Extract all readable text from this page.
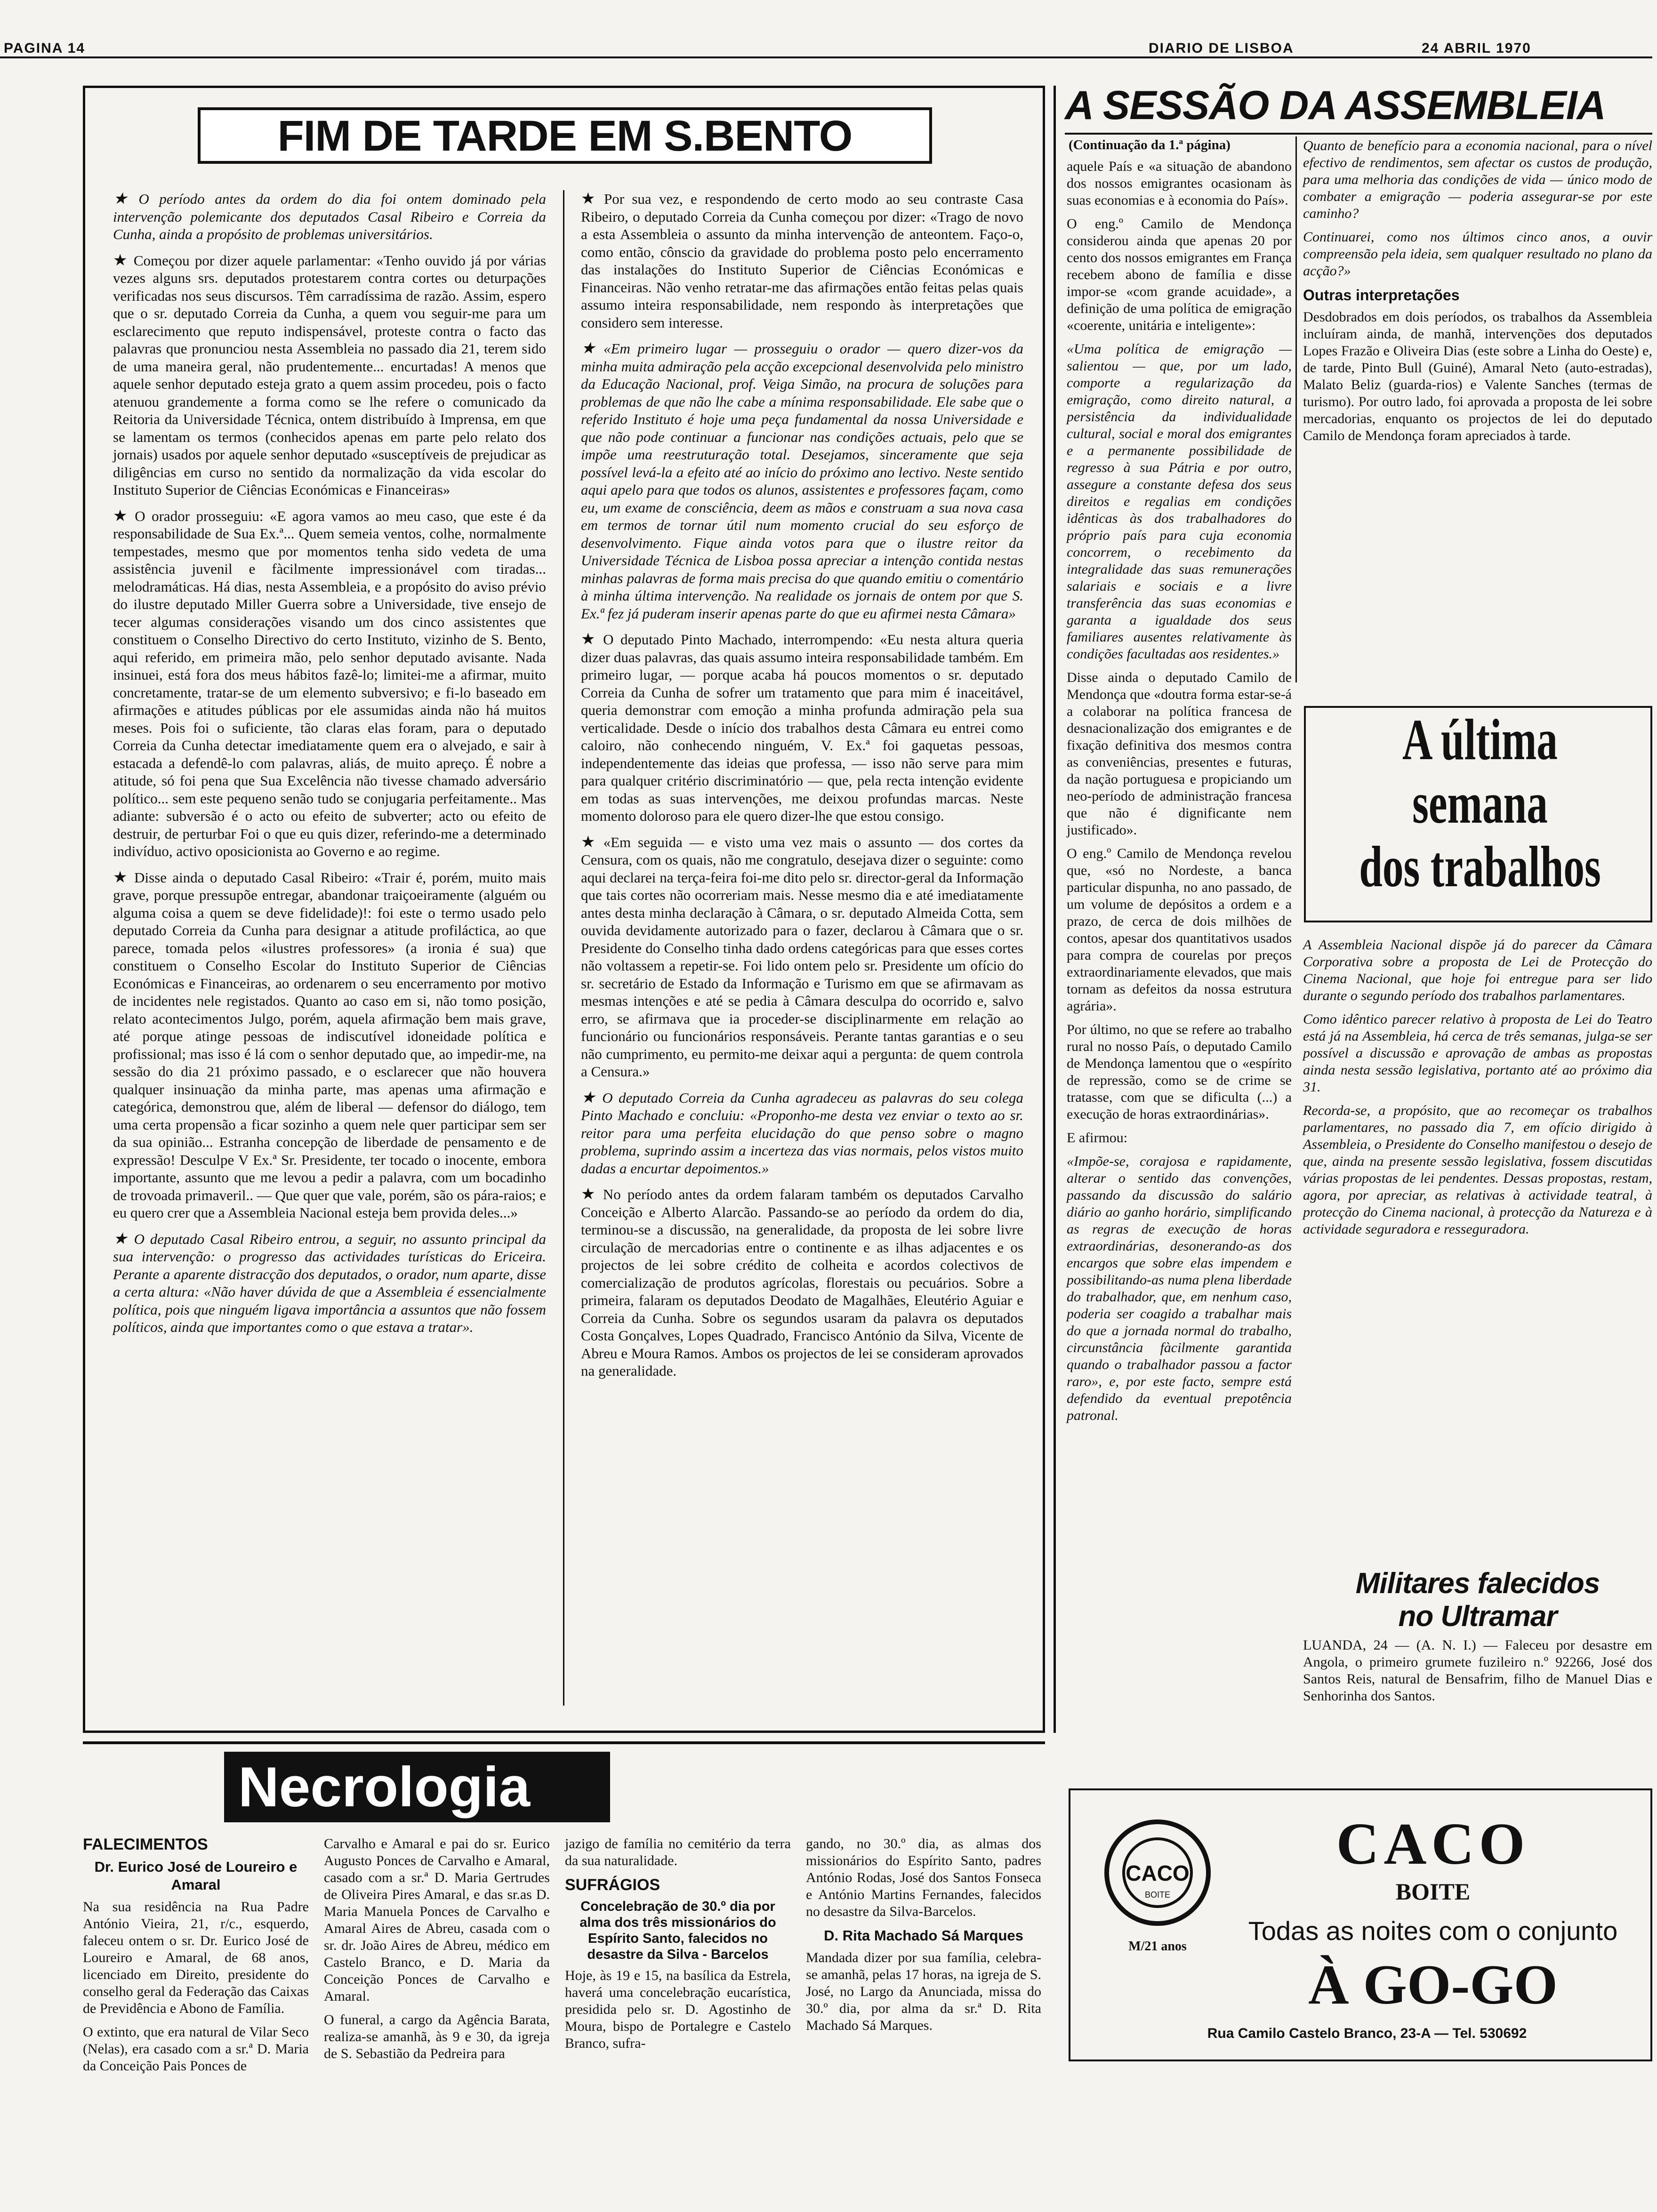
PAGINA 14	DIARIO DE LISBOA	24 ABRIL 1970
FIM DE TARDE EM S.BENTO

★ O período antes da ordem do dia foi ontem dominado pela intervenção polemicante dos deputados Casal Ribeiro e Correia da Cunha, ainda a propósito de problemas universitários.

★ Começou por dizer aquele parlamentar: «Tenho ouvido já por várias vezes alguns srs. deputados protestarem contra cortes ou deturpações verificadas nos seus discursos. Têm carradíssima de razão. Assim, espero que o sr. deputado Correia da Cunha, a quem vou seguir-me para um esclarecimento que reputo indispensável, proteste contra o facto das palavras que pronunciou nesta Assembleia no passado dia 21, terem sido de uma maneira geral, não prudentemente... encurtadas! A menos que aquele senhor deputado esteja grato a quem assim procedeu, pois o facto atenuou grandemente a forma como se lhe refere o comunicado da Reitoria da Universidade Técnica, ontem distribuído à Imprensa, em que se lamentam os termos (conhecidos apenas em parte pelo relato dos jornais) usados por aquele senhor deputado «susceptíveis de prejudicar as diligências em curso no sentido da normalização da vida escolar do Instituto Superior de Ciências Económicas e Financeiras»

★ O orador prosseguiu: «E agora vamos ao meu caso, que este é da responsabilidade de Sua Ex.ª... Quem semeia ventos, colhe, normalmente tempestades, mesmo que por momentos tenha sido vedeta de uma assistência juvenil e fàcilmente impressionável com tiradas... melodramáticas. Há dias, nesta Assembleia, e a propósito do aviso prévio do ilustre deputado Miller Guerra sobre a Universidade, tive ensejo de tecer algumas considerações visando um dos cinco assistentes que constituem o Conselho Directivo do certo Instituto, vizinho de S. Bento, aqui referido, em primeira mão, pelo senhor deputado avisante. Nada insinuei, está fora dos meus hábitos fazê-lo; limitei-me a afirmar, muito concretamente, tratar-se de um elemento subversivo; e fi-lo baseado em afirmações e atitudes públicas por ele assumidas ainda não há muitos meses. Pois foi o suficiente, tão claras elas foram, para o deputado Correia da Cunha detectar imediatamente quem era o alvejado, e sair à estacada a defendê-lo com palavras, aliás, de muito apreço. É nobre a atitude, só foi pena que Sua Excelência não tivesse chamado adversário político... sem este pequeno senão tudo se conjugaria perfeitamente.. Mas adiante: subversão é o acto ou efeito de subverter; acto ou efeito de destruir, de perturbar Foi o que eu quis dizer, referindo-me a determinado indivíduo, activo oposicionista ao Governo e ao regime.

★ Disse ainda o deputado Casal Ribeiro: «Trair é, porém, muito mais grave, porque pressupõe entregar, abandonar traiçoeiramente (alguém ou alguma coisa a quem se deve fidelidade)!: foi este o termo usado pelo deputado Correia da Cunha para designar a atitude profiláctica, ao que parece, tomada pelos «ilustres professores» (a ironia é sua) que constituem o Conselho Escolar do Instituto Superior de Ciências Económicas e Financeiras, ao ordenarem o seu encerramento por motivo de incidentes nele registados. Quanto ao caso em si, não tomo posição, relato acontecimentos Julgo, porém, aquela afirmação bem mais grave, até porque atinge pessoas de indiscutível idoneidade política e profissional; mas isso é lá com o senhor deputado que, ao impedir-me, na sessão do dia 21 próximo passado, e o esclarecer que não houvera qualquer insinuação da minha parte, mas apenas uma afirmação e categórica, demonstrou que, além de liberal — defensor do diálogo, tem uma certa propensão a ficar sozinho a quem nele quer participar sem ser da sua opinião... Estranha concepção de liberdade de pensamento e de expressão! Desculpe V Ex.ª Sr. Presidente, ter tocado o inocente, embora importante, assunto que me levou a pedir a palavra, com um bocadinho de trovoada primaveril.. — Que quer que vale, porém, são os pára-raios; e eu quero crer que a Assembleia Nacional esteja bem provida deles...»

★ O deputado Casal Ribeiro entrou, a seguir, no assunto principal da sua intervenção: o progresso das actividades turísticas do Ericeira. Perante a aparente distracção dos deputados, o orador, num aparte, disse a certa altura: «Não haver dúvida de que a Assembleia é essencialmente política, pois que ninguém ligava importância a assuntos que não fossem políticos, ainda que importantes como o que estava a tratar».

★ Por sua vez, e respondendo de certo modo ao seu contraste Casa Ribeiro, o deputado Correia da Cunha começou por dizer: «Trago de novo a esta Assembleia o assunto da minha intervenção de anteontem. Faço-o, como então, cônscio da gravidade do problema posto pelo encerramento das instalações do Instituto Superior de Ciências Económicas e Financeiras. Não venho retratar-me das afirmações então feitas pelas quais assumo inteira responsabilidade, nem respondo às interpretações que considero sem interesse.

★ «Em primeiro lugar — prosseguiu o orador — quero dizer-vos da minha muita admiração pela acção excepcional desenvolvida pelo ministro da Educação Nacional, prof. Veiga Simão, na procura de soluções para problemas de que não lhe cabe a mínima responsabilidade. Ele sabe que o referido Instituto é hoje uma peça fundamental da nossa Universidade e que não pode continuar a funcionar nas condições actuais, pelo que se impõe uma reestruturação total. Desejamos, sinceramente que seja possível levá-la a efeito até ao início do próximo ano lectivo. Neste sentido aqui apelo para que todos os alunos, assistentes e professores façam, como eu, um exame de consciência, deem as mãos e construam a sua nova casa em termos de tornar útil num momento crucial do seu esforço de desenvolvimento. Fique ainda votos para que o ilustre reitor da Universidade Técnica de Lisboa possa apreciar a intenção contida nestas minhas palavras de forma mais precisa do que quando emitiu o comentário à minha última intervenção. Na realidade os jornais de ontem por que S. Ex.ª fez já puderam inserir apenas parte do que eu afirmei nesta Câmara»

★ O deputado Pinto Machado, interrompendo: «Eu nesta altura queria dizer duas palavras, das quais assumo inteira responsabilidade também. Em primeiro lugar, — porque acaba há poucos momentos o sr. deputado Correia da Cunha de sofrer um tratamento que para mim é inaceitável, queria demonstrar com emoção a minha profunda admiração pela sua verticalidade. Desde o início dos trabalhos desta Câmara eu entrei como caloiro, não conhecendo ninguém, V. Ex.ª foi gaquetas pessoas, independentemente das ideias que professa, — isso não serve para mim para qualquer critério discriminatório — que, pela recta intenção evidente em todas as suas intervenções, me deixou profundas marcas. Neste momento doloroso para ele quero dizer-lhe que estou consigo.

★ «Em seguida — e visto uma vez mais o assunto — dos cortes da Censura, com os quais, não me congratulo, desejava dizer o seguinte: como aqui declarei na terça-feira foi-me dito pelo sr. director-geral da Informação que tais cortes não ocorreriam mais. Nesse mesmo dia e até imediatamente antes desta minha declaração à Câmara, o sr. deputado Almeida Cotta, sem ouvida devidamente autorizado para o fazer, declarou à Câmara que o sr. Presidente do Conselho tinha dado ordens categóricas para que esses cortes não voltassem a repetir-se. Foi lido ontem pelo sr. Presidente um ofício do sr. secretário de Estado da Informação e Turismo em que se afirmavam as mesmas intenções e até se pedia à Câmara desculpa do ocorrido e, salvo erro, se afirmava que ia proceder-se disciplinarmente em relação ao funcionário ou funcionários responsáveis. Perante tantas garantias e o seu não cumprimento, eu permito-me deixar aqui a pergunta: de quem controla a Censura.»

★ O deputado Correia da Cunha agradeceu as palavras do seu colega Pinto Machado e concluiu: «Proponho-me desta vez enviar o texto ao sr. reitor para uma perfeita elucidação do que penso sobre o magno problema, suprindo assim a incerteza das vias normais, pelos vistos muito dadas a encurtar depoimentos.»

★ No período antes da ordem falaram também os deputados Carvalho Conceição e Alberto Alarcão. Passando-se ao período da ordem do dia, terminou-se a discussão, na generalidade, da proposta de lei sobre livre circulação de mercadorias entre o continente e as ilhas adjacentes e os projectos de lei sobre crédito de colheita e acordos colectivos de comercialização de produtos agrícolas, florestais ou pecuários. Sobre a primeira, falaram os deputados Deodato de Magalhães, Eleutério Aguiar e Correia da Cunha. Sobre os segundos usaram da palavra os deputados Costa Gonçalves, Lopes Quadrado, Francisco António da Silva, Vicente de Abreu e Moura Ramos. Ambos os projectos de lei se consideram aprovados na generalidade.

A SESSÃO DA ASSEMBLEIA
(Continuação da 1.ª página)

aquele País e «a situação de abandono dos nossos emigrantes ocasionam às suas economias e à economia do País».

O eng.º Camilo de Mendonça considerou ainda que apenas 20 por cento dos nossos emigrantes em França recebem abono de família e disse impor-se «com grande acuidade», a definição de uma política de emigração «coerente, unitária e inteligente»:

«Uma política de emigração — salientou — que, por um lado, comporte a regularização da emigração, como direito natural, a persistência da individualidade cultural, social e moral dos emigrantes e a permanente possibilidade de regresso à sua Pátria e por outro, assegure a constante defesa dos seus direitos e regalias em condições idênticas às dos trabalhadores do próprio país para cuja economia concorrem, o recebimento da integralidade das suas remunerações salariais e sociais e a livre transferência das suas economias e garanta a igualdade dos seus familiares ausentes relativamente às condições facultadas aos residentes.»

Disse ainda o deputado Camilo de Mendonça que «doutra forma estar-se-á a colaborar na política francesa de desnacionalização dos emigrantes e de fixação definitiva dos mesmos contra as conveniências, presentes e futuras, da nação portuguesa e propiciando um neo-período de administração francesa que não é dignificante nem justificado».

O eng.º Camilo de Mendonça revelou que, «só no Nordeste, a banca particular dispunha, no ano passado, de um volume de depósitos a ordem e a prazo, de cerca de dois milhões de contos, apesar dos quantitativos usados para compra de courelas por preços extraordinariamente elevados, que mais tornam as defeitos da nossa estrutura agrária».

Por último, no que se refere ao trabalho rural no nosso País, o deputado Camilo de Mendonça lamentou que o «espírito de repressão, como se de crime se tratasse, com que se dificulta (...) a execução de horas extraordinárias».

E afirmou:

«Impõe-se, corajosa e rapidamente, alterar o sentido das convenções, passando da discussão do salário diário ao ganho horário, simplificando as regras de execução de horas extraordinárias, desonerando-as dos encargos que sobre elas impendem e possibilitando-as numa plena liberdade do trabalhador, que, em nenhum caso, poderia ser coagido a trabalhar mais do que a jornada normal do trabalho, circunstância fàcilmente garantida quando o trabalhador passou a factor raro», e, por este facto, sempre está defendido da eventual prepotência patronal.

Quanto de benefício para a economia nacional, para o nível efectivo de rendimentos, sem afectar os custos de produção, para uma melhoria das condições de vida — único modo de combater a emigração — poderia assegurar-se por este caminho?

Continuarei, como nos últimos cinco anos, a ouvir compreensão pela ideia, sem qualquer resultado no plano da acção?»

Outras interpretações

Desdobrados em dois períodos, os trabalhos da Assembleia incluíram ainda, de manhã, intervenções dos deputados Lopes Frazão e Oliveira Dias (este sobre a Linha do Oeste) e, de tarde, Pinto Bull (Guiné), Amaral Neto (auto-estradas), Malato Beliz (guarda-rios) e Valente Sanches (termas de turismo). Por outro lado, foi aprovada a proposta de lei sobre mercadorias, enquanto os projectos de lei do deputado Camilo de Mendonça foram apreciados à tarde.

A última
semana
dos trabalhos

A Assembleia Nacional dispõe já do parecer da Câmara Corporativa sobre a proposta de Lei de Protecção do Cinema Nacional, que hoje foi entregue para ser lido durante o segundo período dos trabalhos parlamentares.

Como idêntico parecer relativo à proposta de Lei do Teatro está já na Assembleia, há cerca de três semanas, julga-se ser possível a discussão e aprovação de ambas as propostas ainda nesta sessão legislativa, portanto até ao próximo dia 31.

Recorda-se, a propósito, que ao recomeçar os trabalhos parlamentares, no passado dia 7, em ofício dirigido à Assembleia, o Presidente do Conselho manifestou o desejo de que, ainda na presente sessão legislativa, fossem discutidas várias propostas de lei pendentes. Dessas propostas, restam, agora, por apreciar, as relativas à actividade teatral, à protecção do Cinema nacional, à protecção da Natureza e à actividade seguradora e resseguradora.

Militares falecidos
no Ultramar

LUANDA, 24 — (A. N. I.) — Faleceu por desastre em Angola, o primeiro grumete fuzileiro n.º 92266, José dos Santos Reis, natural de Bensafrim, filho de Manuel Dias e Senhorinha dos Santos.

Necrologia
FALECIMENTOS
Dr. Eurico José de Loureiro e Amaral

Na sua residência na Rua Padre António Vieira, 21, r/c., esquerdo, faleceu ontem o sr. Dr. Eurico José de Loureiro e Amaral, de 68 anos, licenciado em Direito, presidente do conselho geral da Federação das Caixas de Previdência e Abono de Família.

O extinto, que era natural de Vilar Seco (Nelas), era casado com a sr.ª D. Maria da Conceição Pais Ponces de

Carvalho e Amaral e pai do sr. Eurico Augusto Ponces de Carvalho e Amaral, casado com a sr.ª D. Maria Gertrudes de Oliveira Pires Amaral, e das sr.as D. Maria Manuela Ponces de Carvalho e Amaral Aires de Abreu, casada com o sr. dr. João Aires de Abreu, médico em Castelo Branco, e D. Maria da Conceição Ponces de Carvalho e Amaral.

O funeral, a cargo da Agência Barata, realiza-se amanhã, às 9 e 30, da igreja de S. Sebastião da Pedreira para

jazigo de família no cemitério da terra da sua naturalidade.

SUFRÁGIOS
Concelebração de 30.º dia por alma dos três missionários do Espírito Santo, falecidos no desastre da Silva - Barcelos

Hoje, às 19 e 15, na basílica da Estrela, haverá uma concelebração eucarística, presidida pelo sr. D. Agostinho de Moura, bispo de Portalegre e Castelo Branco, sufra-

gando, no 30.º dia, as almas dos missionários do Espírito Santo, padres António Rodas, José dos Santos Fonseca e António Martins Fernandes, falecidos no desastre da Silva-Barcelos.

D. Rita Machado Sá Marques

Mandada dizer por sua família, celebra-se amanhã, pelas 17 horas, na igreja de S. José, no Largo da Anunciada, missa do 30.º dia, por alma da sr.ª D. Rita Machado Sá Marques.

CACO
BOITE
M/21 anos
CACO
BOITE
Todas as noites com o conjunto
À GO-GO
Rua Camilo Castelo Branco, 23-A — Tel. 530692
